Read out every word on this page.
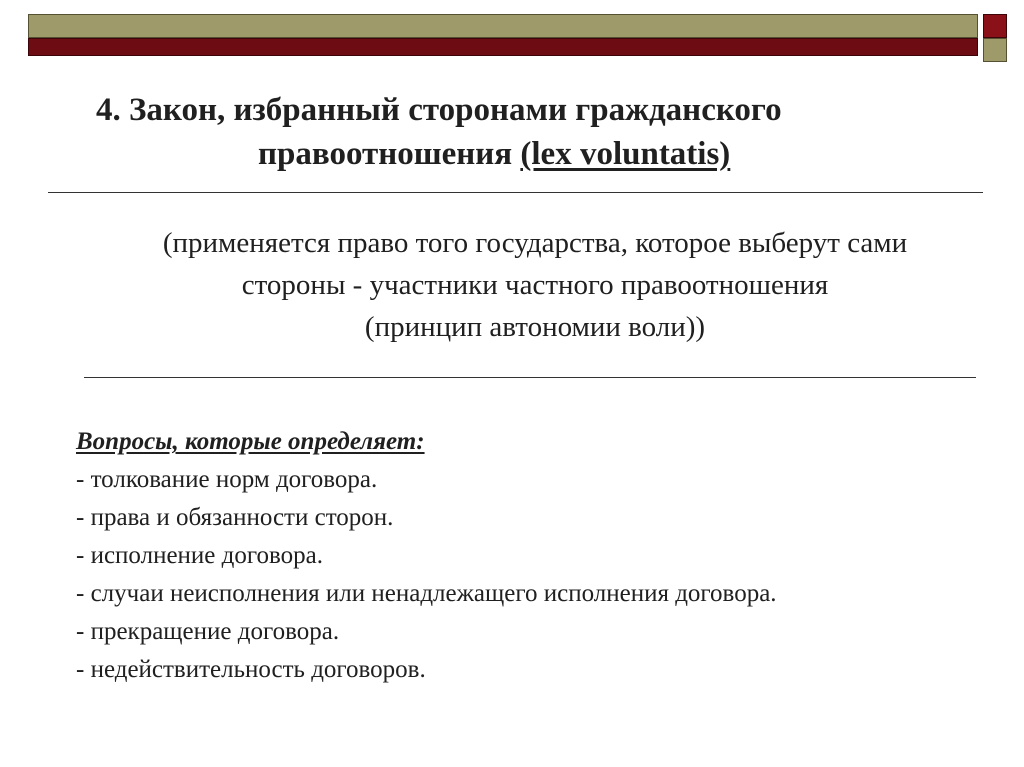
4. Закон, избранный сторонами гражданского
правоотношения (lex voluntatis)
(применяется право того государства, которое выберут сами
стороны - участники частного правоотношения
(принцип автономии воли))
Вопросы, которые определяет:
- толкование норм договора.
- права и обязанности сторон.
- исполнение договора.
- случаи неисполнения или ненадлежащего исполнения договора.
- прекращение договора.
- недействительность договоров.
